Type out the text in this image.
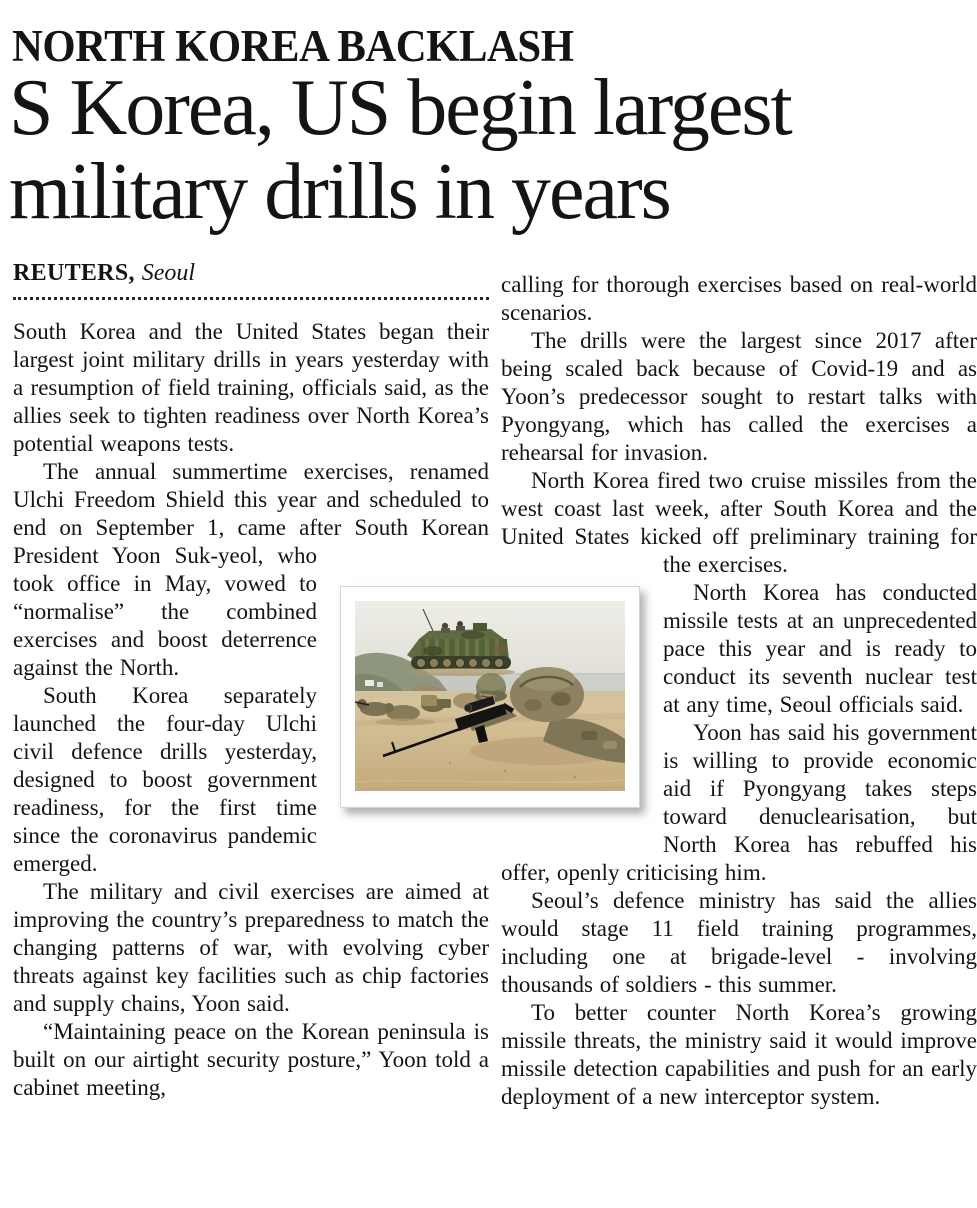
NORTH KOREA BACKLASH
S Korea, US begin largest military drills in years
REUTERS, Seoul

South Korea and the United States began their largest joint military drills in years yesterday with a resumption of field training, officials said, as the allies seek to tighten readiness over North Korea’s potential weapons tests.

The annual summertime exercises, renamed Ulchi Freedom Shield this year and scheduled to end on September 1, came after South Korean President Yoon Suk-yeol, who took office in May, vowed to “normalise” the combined exercises and boost deterrence against the North.

South Korea separately launched the four-day Ulchi civil defence drills yesterday, designed to boost government readiness, for the first time since the coronavirus pandemic emerged.

The military and civil exercises are aimed at improving the country’s preparedness to match the changing patterns of war, with evolving cyber threats against key facilities such as chip factories and supply chains, Yoon said.

“Maintaining peace on the Korean peninsula is built on our airtight security posture,” Yoon told a cabinet meeting,

calling for thorough exercises based on real-world scenarios.

The drills were the largest since 2017 after being scaled back because of Covid-19 and as Yoon’s predecessor sought to restart talks with Pyongyang, which has called the exercises a rehearsal for invasion.

North Korea fired two cruise missiles from the west coast last week, after South Korea and the United States kicked off preliminary training for the exercises.

North Korea has conducted missile tests at an unprecedented pace this year and is ready to conduct its seventh nuclear test at any time, Seoul officials said.

Yoon has said his government is willing to provide economic aid if Pyongyang takes steps toward denuclearisation, but North Korea has rebuffed his offer, openly criticising him.

Seoul’s defence ministry has said the allies would stage 11 field training programmes, including one at brigade-level - involving thousands of soldiers - this summer.

To better counter North Korea’s growing missile threats, the ministry said it would improve missile detection capabilities and push for an early deployment of a new interceptor system.
